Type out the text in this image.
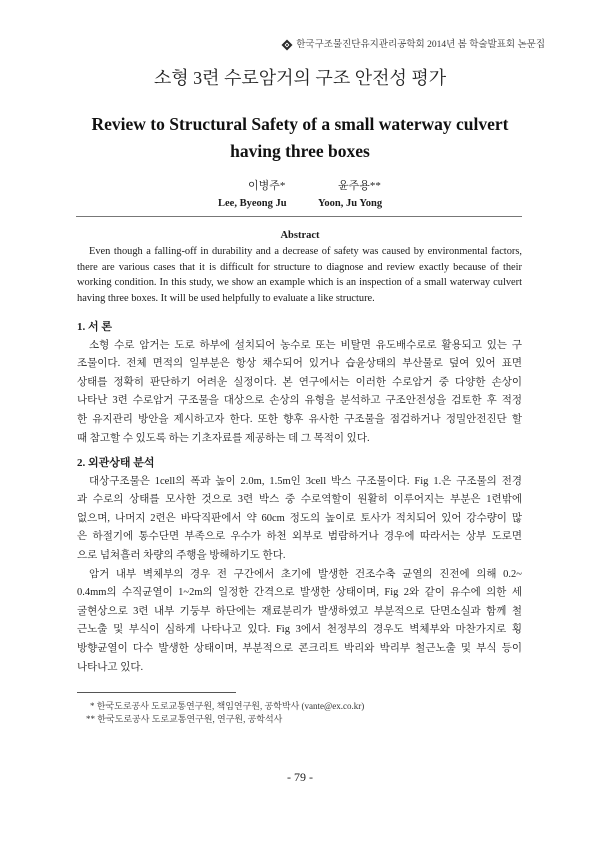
한국구조물진단유지관리공학회 2014년 봄 학술발표회 논문집
소형 3련 수로암거의 구조 안전성 평가
Review to Structural Safety of a small waterway culvert
having three boxes
이병주*	윤주용**
Lee, Byeong Ju	Yoon, Ju Yong
Abstract
Even though a falling-off in durability and a decrease of safety was caused by environmental factors,
there are various cases that it is difficult for structure to diagnose and review exactly because of their
working condition. In this study, we show an example which is an inspection of a small waterway culvert
having three boxes. It will be used helpfully to evaluate a like structure.
1. 서 론
소형 수로 암거는 도로 하부에 설치되어 농수로 또는 비탈면 유도배수로로 활용되고 있는 구
조물이다. 전체 면적의 일부분은 항상 채수되어 있거나 습윤상태의 부산물로 덮여 있어 표면
상태를 정확히 판단하기 어려운 실정이다. 본 연구에서는 이러한 수로암거 중 다양한 손상이
나타난 3련 수로암거 구조물을 대상으로 손상의 유형을 분석하고 구조안전성을 검토한 후 적정
한 유지관리 방안을 제시하고자 한다. 또한 향후 유사한 구조물을 점검하거나 정밀안전진단 할
때 참고할 수 있도록 하는 기초자료를 제공하는 데 그 목적이 있다.
2. 외관상태 분석
대상구조물은 1cell의 폭과 높이 2.0m, 1.5m인 3cell 박스 구조물이다. Fig 1.은 구조물의 전경
과 수로의 상태를 모사한 것으로 3련 박스 중 수로역할이 원활히 이루어지는 부분은 1련밖에
없으며, 나머지 2련은 바닥직판에서 약 60cm 정도의 높이로 토사가 적치되어 있어 강수량이 많
은 하절기에 통수단면 부족으로 우수가 하천 외부로 범람하거나 경우에 따라서는 상부 도로면
으로 넘쳐흘러 차량의 주행을 방해하기도 한다.
암거 내부 벽체부의 경우 전 구간에서 초기에 발생한 건조수축 균열의 진전에 의해 0.2~
0.4mm의 수직균열이 1~2m의 일정한 간격으로 발생한 상태이며, Fig 2와 같이 유수에 의한 세
굴현상으로 3련 내부 기둥부 하단에는 재료분리가 발생하였고 부분적으로 단면소실과 함께 철
근노출 및 부식이 심하게 나타나고 있다. Fig 3에서 천정부의 경우도 벽체부와 마찬가지로 횡
방향균열이 다수 발생한 상태이며, 부분적으로 콘크리트 박리와 박리부 철근노출 및 부식 등이
나타나고 있다.
* 한국도로공사 도로교통연구원, 책임연구원, 공학박사 (vante@ex.co.kr)
** 한국도로공사 도로교통연구원, 연구원, 공학석사
- 79 -
